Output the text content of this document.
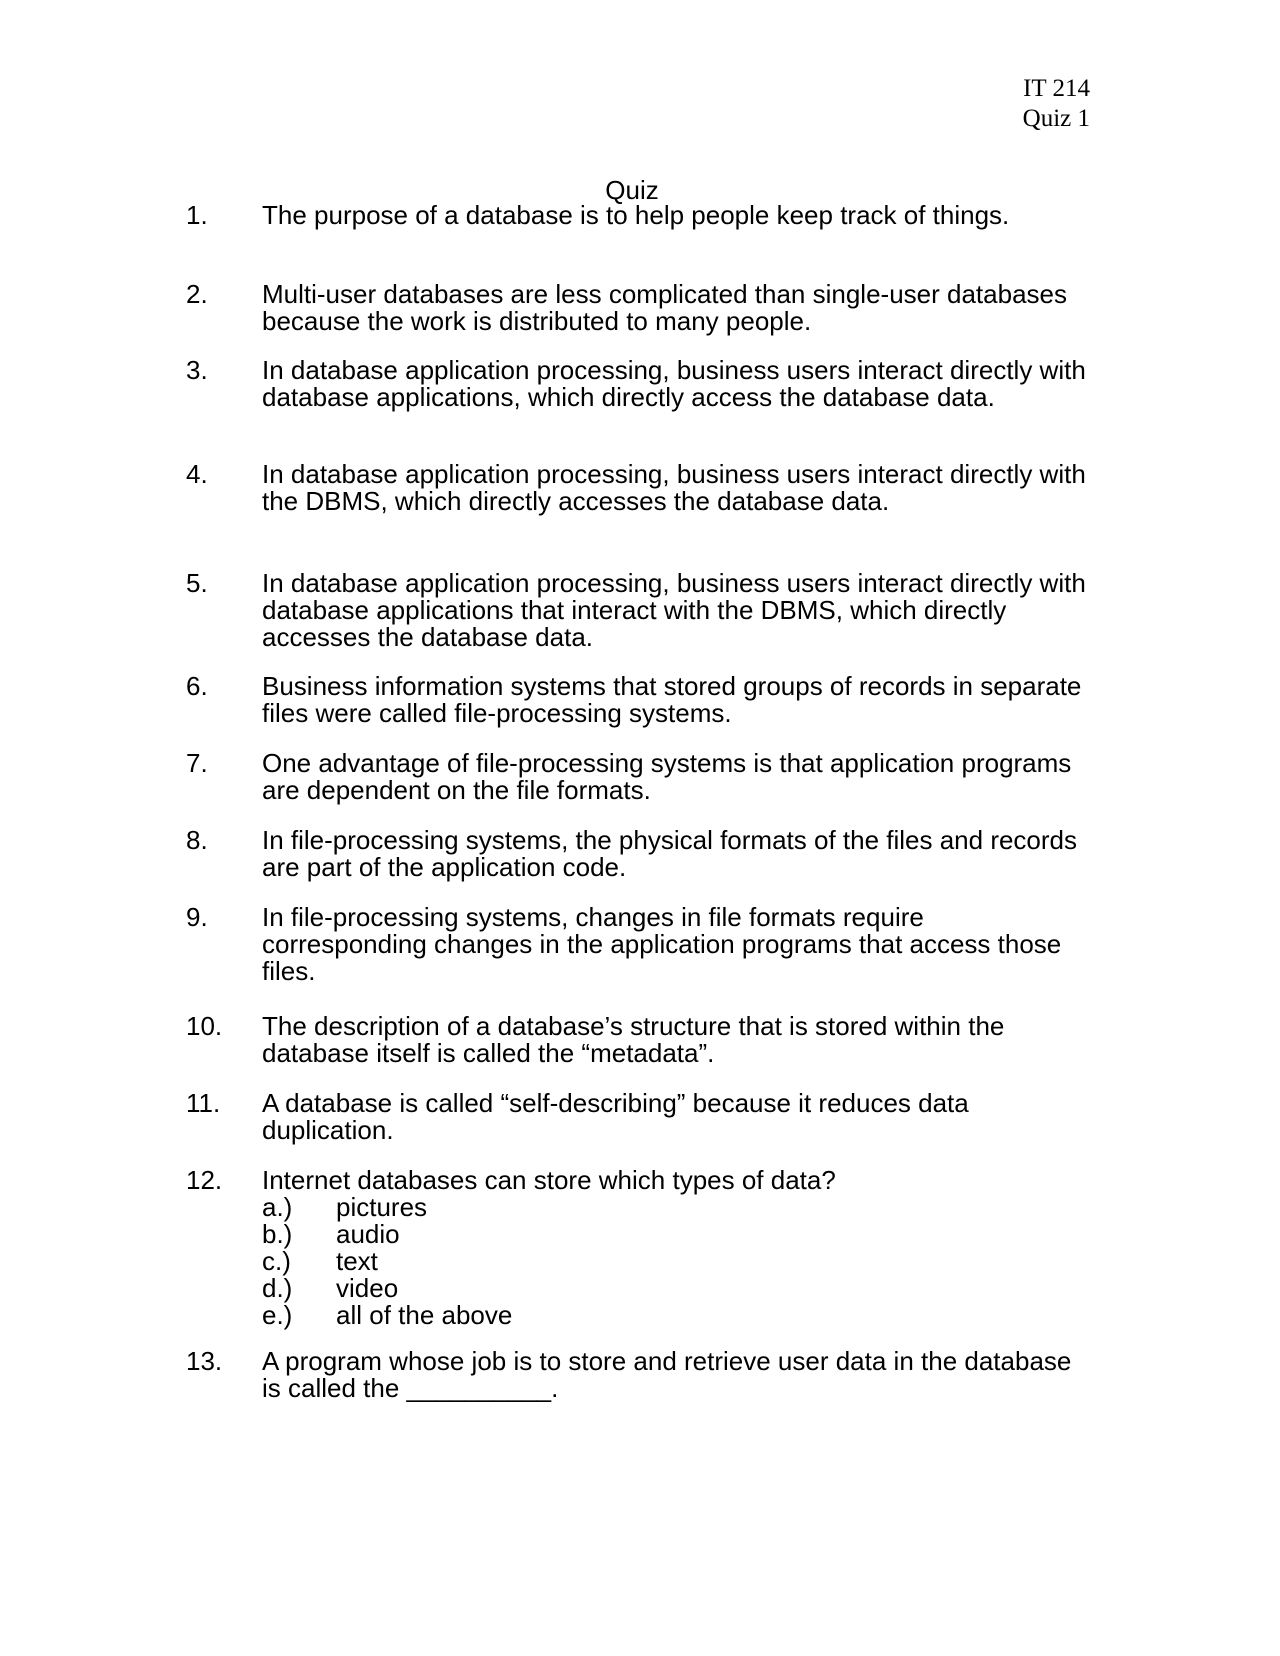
IT 214
Quiz 1
Quiz
1.	The purpose of a database is to help people keep track of things.
2.	Multi-user databases are less complicated than single-user databases because the work is distributed to many people.
3.	In database application processing, business users interact directly with database applications, which directly access the database data.
4.	In database application processing, business users interact directly with the DBMS, which directly accesses the database data.
5.	In database application processing, business users interact directly with database applications that interact with the DBMS, which directly accesses the database data.
6.	Business information systems that stored groups of records in separate files were called file-processing systems.
7.	One advantage of file-processing systems is that application programs are dependent on the file formats.
8.	In file-processing systems, the physical formats of the files and records are part of the application code.
9.	In file-processing systems, changes in file formats require corresponding changes in the application programs that access those files.
10.	The description of a database’s structure that is stored within the database itself is called the “metadata”.
11.	A database is called “self-describing” because it reduces data duplication.
12.	Internet databases can store which types of data?
a.) pictures
b.) audio
c.) text
d.) video
e.) all of the above
13.	A program whose job is to store and retrieve user data in the database is called the __________.
